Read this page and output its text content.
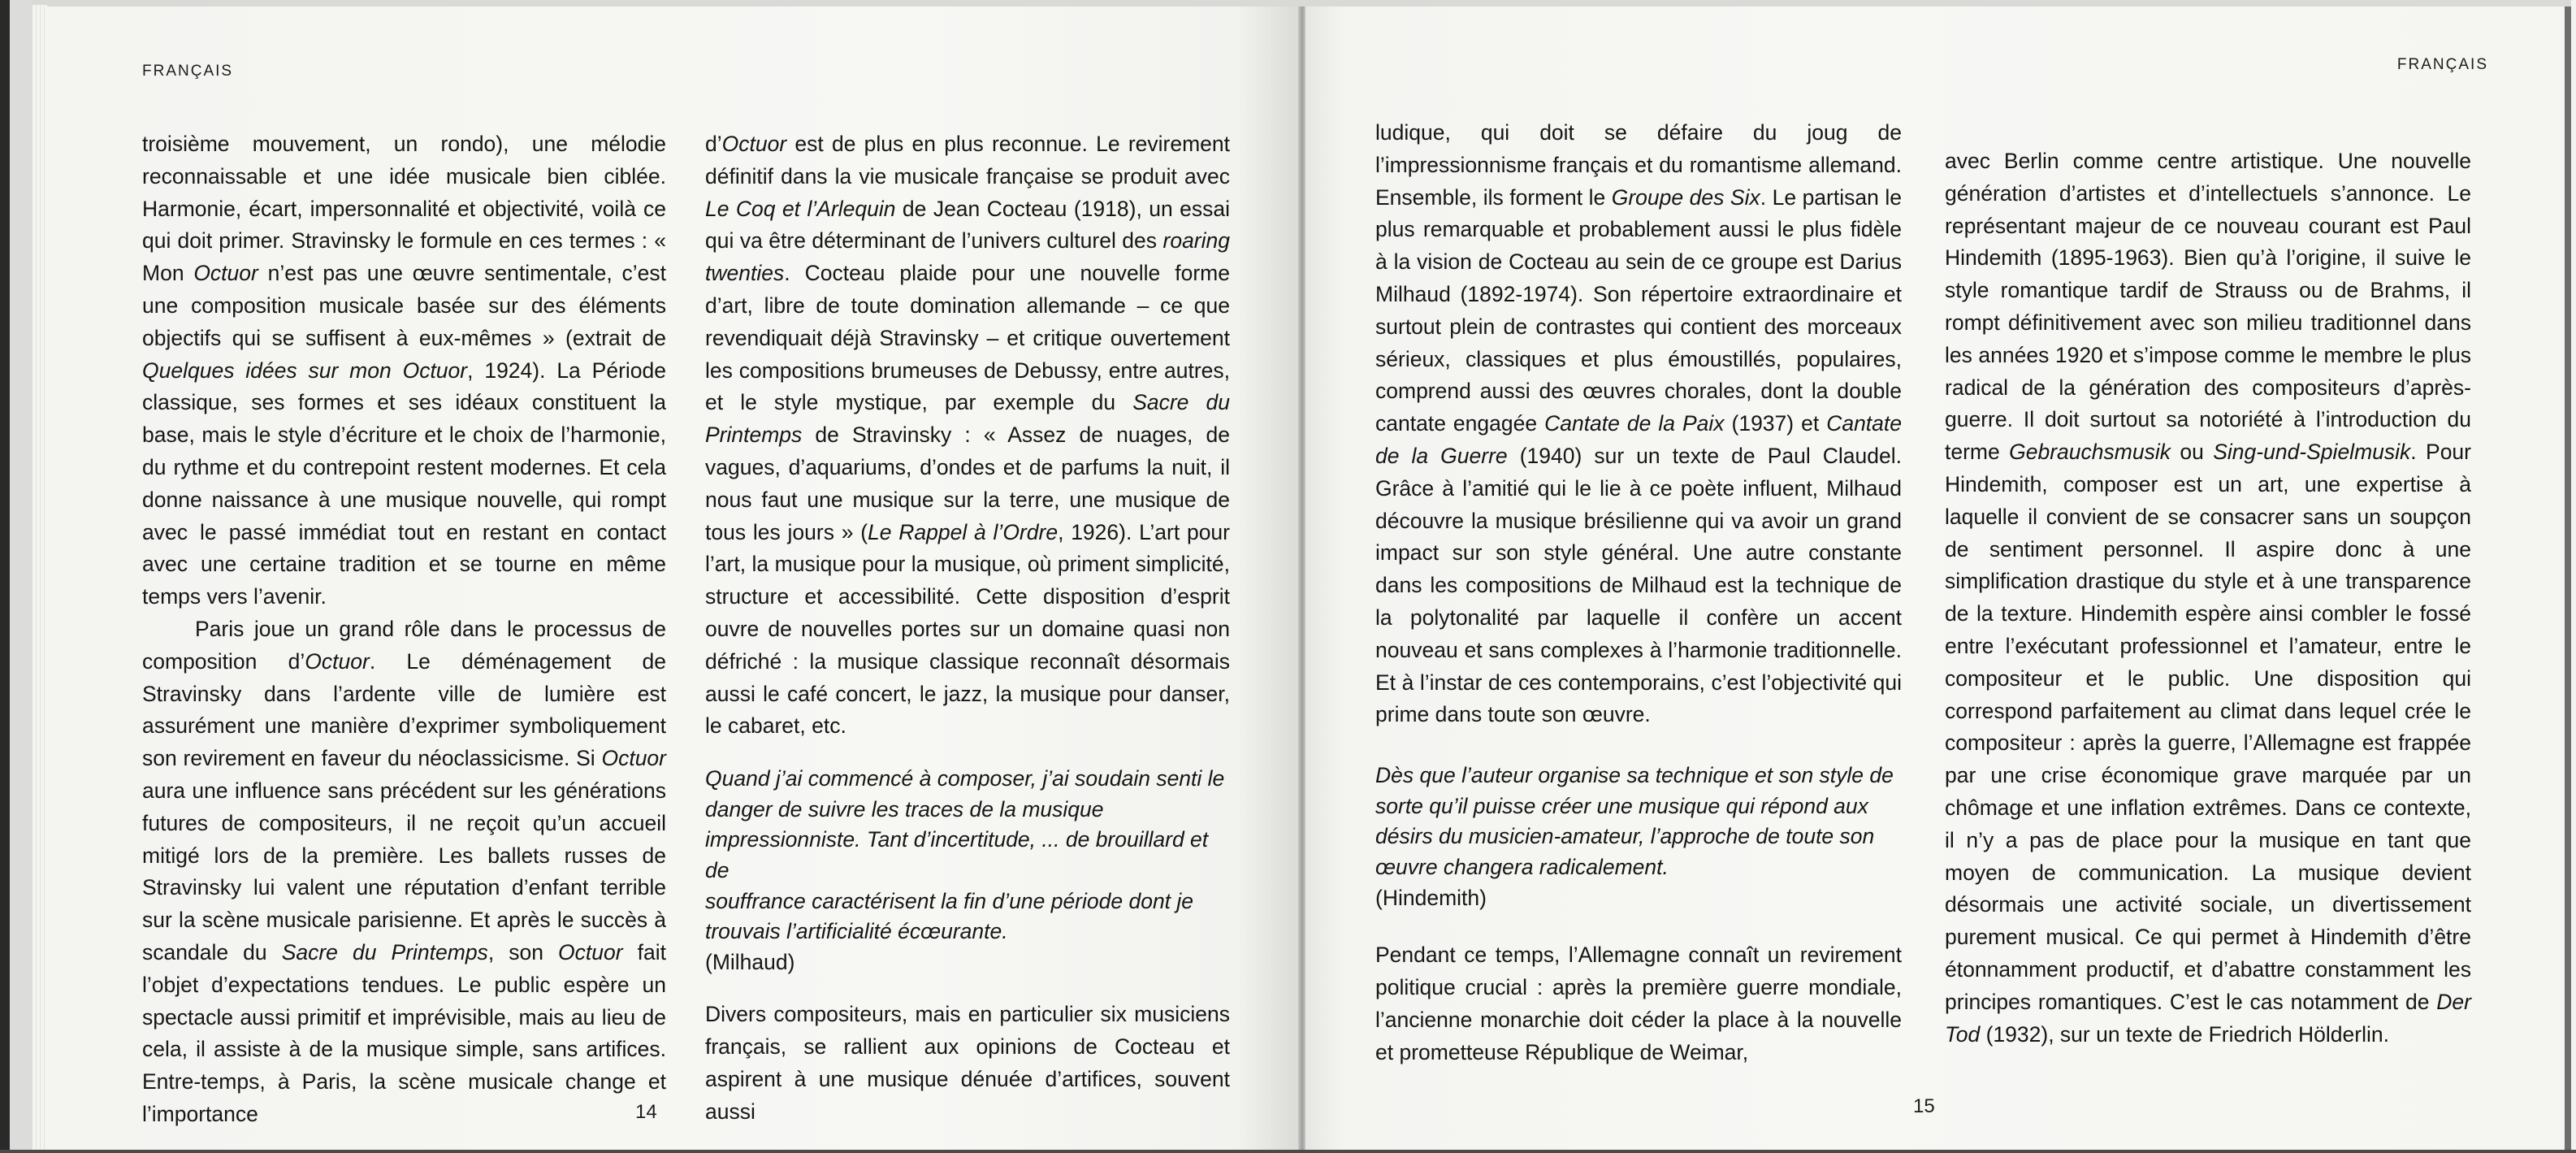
FRANÇAIS

troisième mouvement, un rondo), une mélodie reconnaissable et une idée musicale bien ciblée. Harmonie, écart, impersonnalité et objectivité, voilà ce qui doit primer. Stravinsky le formule en ces termes : « Mon Octuor n’est pas une œuvre sentimentale, c’est une composition musicale basée sur des éléments objectifs qui se suffisent à eux-mêmes » (extrait de Quelques idées sur mon Octuor, 1924). La Période classique, ses formes et ses idéaux constituent la base, mais le style d’écriture et le choix de l’harmonie, du rythme et du contrepoint restent modernes. Et cela donne naissance à une musique nouvelle, qui rompt avec le passé immédiat tout en restant en contact avec une certaine tradition et se tourne en même temps vers l’avenir.

Paris joue un grand rôle dans le processus de composition d’Octuor. Le déménagement de Stravinsky dans l’ardente ville de lumière est assurément une manière d’exprimer symboliquement son revirement en faveur du néoclassicisme. Si Octuor aura une influence sans précédent sur les générations futures de compositeurs, il ne reçoit qu’un accueil mitigé lors de la première. Les ballets russes de Stravinsky lui valent une réputation d’enfant terrible sur la scène musicale parisienne. Et après le succès à scandale du Sacre du Printemps, son Octuor fait l’objet d’expectations tendues. Le public espère un spectacle aussi primitif et imprévisible, mais au lieu de cela, il assiste à de la musique simple, sans artifices. Entre-temps, à Paris, la scène musicale change et l’importance

d’Octuor est de plus en plus reconnue. Le revirement définitif dans la vie musicale française se produit avec Le Coq et l’Arlequin de Jean Cocteau (1918), un essai qui va être déterminant de l’univers culturel des roaring twenties. Cocteau plaide pour une nouvelle forme d’art, libre de toute domination allemande – ce que revendiquait déjà Stravinsky – et critique ouvertement les compositions brumeuses de Debussy, entre autres, et le style mystique, par exemple du Sacre du Printemps de Stravinsky : « Assez de nuages, de vagues, d’aquariums, d’ondes et de parfums la nuit, il nous faut une musique sur la terre, une musique de tous les jours » (Le Rappel à l’Ordre, 1926). L’art pour l’art, la musique pour la musique, où priment simplicité, structure et accessibilité. Cette disposition d’esprit ouvre de nouvelles portes sur un domaine quasi non défriché : la musique classique reconnaît désormais aussi le café concert, le jazz, la musique pour danser, le cabaret, etc.

Quand j’ai commencé à composer, j’ai soudain senti le
danger de suivre les traces de la musique
impressionniste. Tant d’incertitude, ... de brouillard et de
souffrance caractérisent la fin d’une période dont je
trouvais l’artificialité écœurante.

(Milhaud)

Divers compositeurs, mais en particulier six musiciens français, se rallient aux opinions de Cocteau et aspirent à une musique dénuée d’artifices, souvent aussi

14
FRANÇAIS

ludique, qui doit se défaire du joug de l’impressionnisme français et du romantisme allemand. Ensemble, ils forment le Groupe des Six. Le partisan le plus remarquable et probablement aussi le plus fidèle à la vision de Cocteau au sein de ce groupe est Darius Milhaud (1892-1974). Son répertoire extraordinaire et surtout plein de contrastes qui contient des morceaux sérieux, classiques et plus émoustillés, populaires, comprend aussi des œuvres chorales, dont la double cantate engagée Cantate de la Paix (1937) et Cantate de la Guerre (1940) sur un texte de Paul Claudel. Grâce à l’amitié qui le lie à ce poète influent, Milhaud découvre la musique brésilienne qui va avoir un grand impact sur son style général. Une autre constante dans les compositions de Milhaud est la technique de la polytonalité par laquelle il confère un accent nouveau et sans complexes à l’harmonie traditionnelle. Et à l’instar de ces contemporains, c’est l’objectivité qui prime dans toute son œuvre.

Dès que l’auteur organise sa technique et son style de
sorte qu’il puisse créer une musique qui répond aux
désirs du musicien-amateur, l’approche de toute son
œuvre changera radicalement.

(Hindemith)

Pendant ce temps, l’Allemagne connaît un revirement politique crucial : après la première guerre mondiale, l’ancienne monarchie doit céder la place à la nouvelle et prometteuse République de Weimar,

avec Berlin comme centre artistique. Une nouvelle génération d’artistes et d’intellectuels s’annonce. Le représentant majeur de ce nouveau courant est Paul Hindemith (1895-1963). Bien qu’à l’origine, il suive le style romantique tardif de Strauss ou de Brahms, il rompt définitivement avec son milieu traditionnel dans les années 1920 et s’impose comme le membre le plus radical de la génération des compositeurs d’après-guerre. Il doit surtout sa notoriété à l’introduction du terme Gebrauchsmusik ou Sing-und-Spielmusik. Pour Hindemith, composer est un art, une expertise à laquelle il convient de se consacrer sans un soupçon de sentiment personnel. Il aspire donc à une simplification drastique du style et à une transparence de la texture. Hindemith espère ainsi combler le fossé entre l’exécutant professionnel et l’amateur, entre le compositeur et le public. Une disposition qui correspond parfaitement au climat dans lequel crée le compositeur : après la guerre, l’Allemagne est frappée par une crise économique grave marquée par un chômage et une inflation extrêmes. Dans ce contexte, il n’y a pas de place pour la musique en tant que moyen de communication. La musique devient désormais une activité sociale, un divertissement purement musical. Ce qui permet à Hindemith d’être étonnamment productif, et d’abattre constamment les principes romantiques. C’est le cas notamment de Der Tod (1932), sur un texte de Friedrich Hölderlin.

15
